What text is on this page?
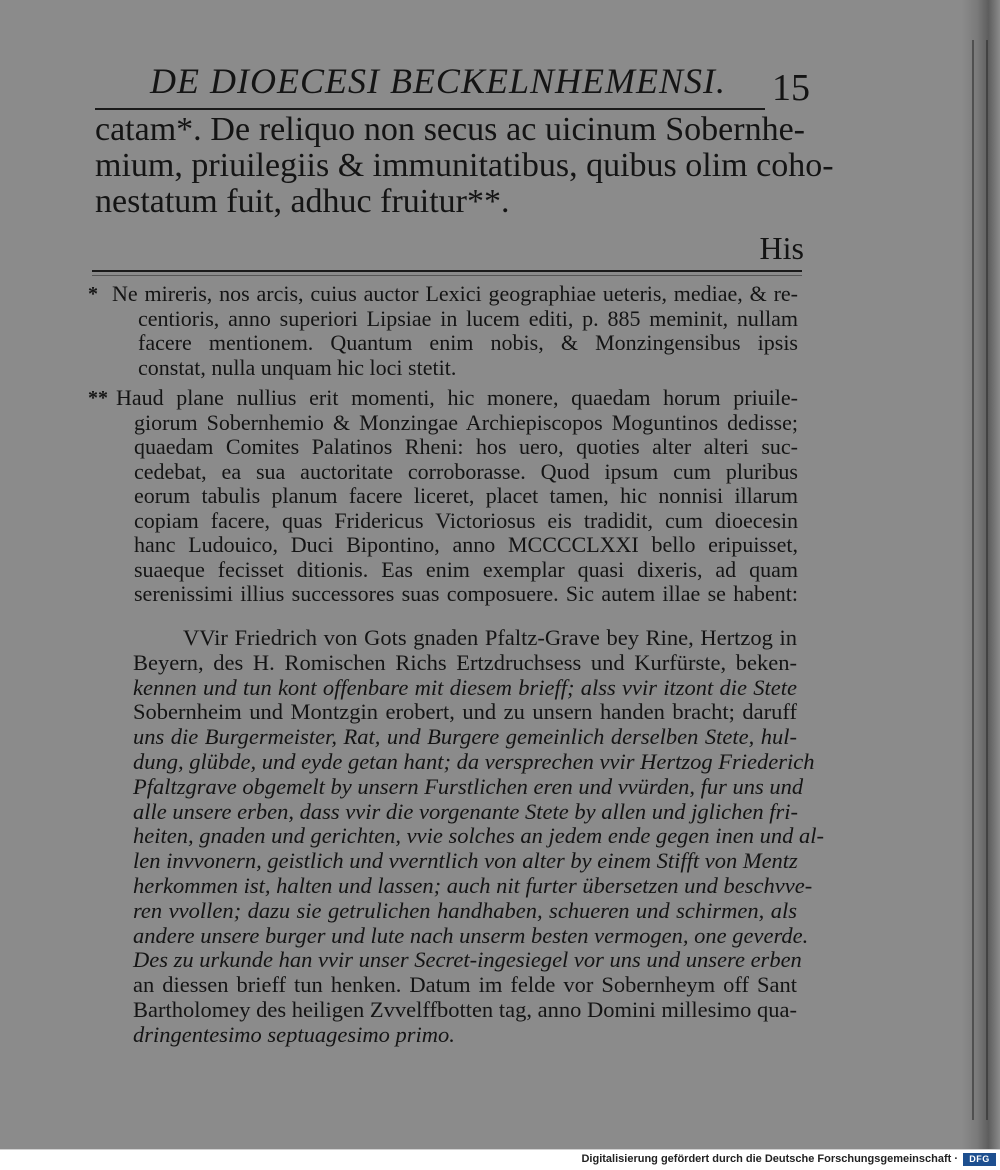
DE DIOECESI BECKELNHEMENSI. 15
catam*. De reliquo non secus ac uicinum Sobernhe-
mium, priuilegiis & immunitatibus, quibus olim coho-
nestatum fuit, adhuc fruitur**.
His
* Ne mireris, nos arcis, cuius auctor Lexici geographiae ueteris, mediae, & re-
centioris, anno superiori Lipsiae in lucem editi, p. 885 meminit, nullam
facere mentionem. Quantum enim nobis, & Monzingensibus ipsis
constat, nulla unquam hic loci stetit.
** Haud plane nullius erit momenti, hic monere, quaedam horum priuile-
giorum Sobernhemio & Monzingae Archiepiscopos Moguntinos dedisse;
quaedam Comites Palatinos Rheni: hos uero, quoties alter alteri suc-
cedebat, ea sua auctoritate corroborasse. Quod ipsum cum pluribus
eorum tabulis planum facere liceret, placet tamen, hic nonnisi illarum
copiam facere, quas Fridericus Victoriosus eis tradidit, cum dioecesin
hanc Ludouico, Duci Bipontino, anno MCCCCLXXI bello eripuisset,
suaeque fecisset ditionis. Eas enim exemplar quasi dixeris, ad quam
serenissimi illius successores suas composuere. Sic autem illae se habent:
VVir Friedrich von Gots gnaden Pfaltz-Grave bey Rine, Hertzog in
Beyern, des H. Romischen Richs Ertzdruchsess und Kurfürste, beken-
kennen und tun kont offenbare mit diesem brieff; alss vvir itzont die Stete
Sobernheim und Montzgin erobert, und zu unsern handen bracht; daruff
uns die Burgermeister, Rat, und Burgere gemeinlich derselben Stete, hul-
dung, glübde, und eyde getan hant; da versprechen vvir Hertzog Friederich
Pfaltzgrave obgemelt by unsern Furstlichen eren und vvürden, fur uns und
alle unsere erben, dass vvir die vorgenante Stete by allen und jglichen fri-
heiten, gnaden und gerichten, vvie solches an jedem ende gegen inen und al-
len invvonern, geistlich und vverntlich von alter by einem Stifft von Mentz
herkommen ist, halten und lassen; auch nit furter übersetzen und beschvve-
ren vvollen; dazu sie getrulichen handhaben, schueren und schirmen, als
andere unsere burger und lute nach unserm besten vermogen, one geverde.
Des zu urkunde han vvir unser Secret-ingesiegel vor uns und unsere erben
an diessen brieff tun henken. Datum im felde vor Sobernheym off Sant
Bartholomey des heiligen Zvvelffbotten tag, anno Domini millesimo qua-
dringentesimo septuagesimo primo.
Digitalisierung gefördert durch die Deutsche Forschungsgemeinschaft ·	DFG
